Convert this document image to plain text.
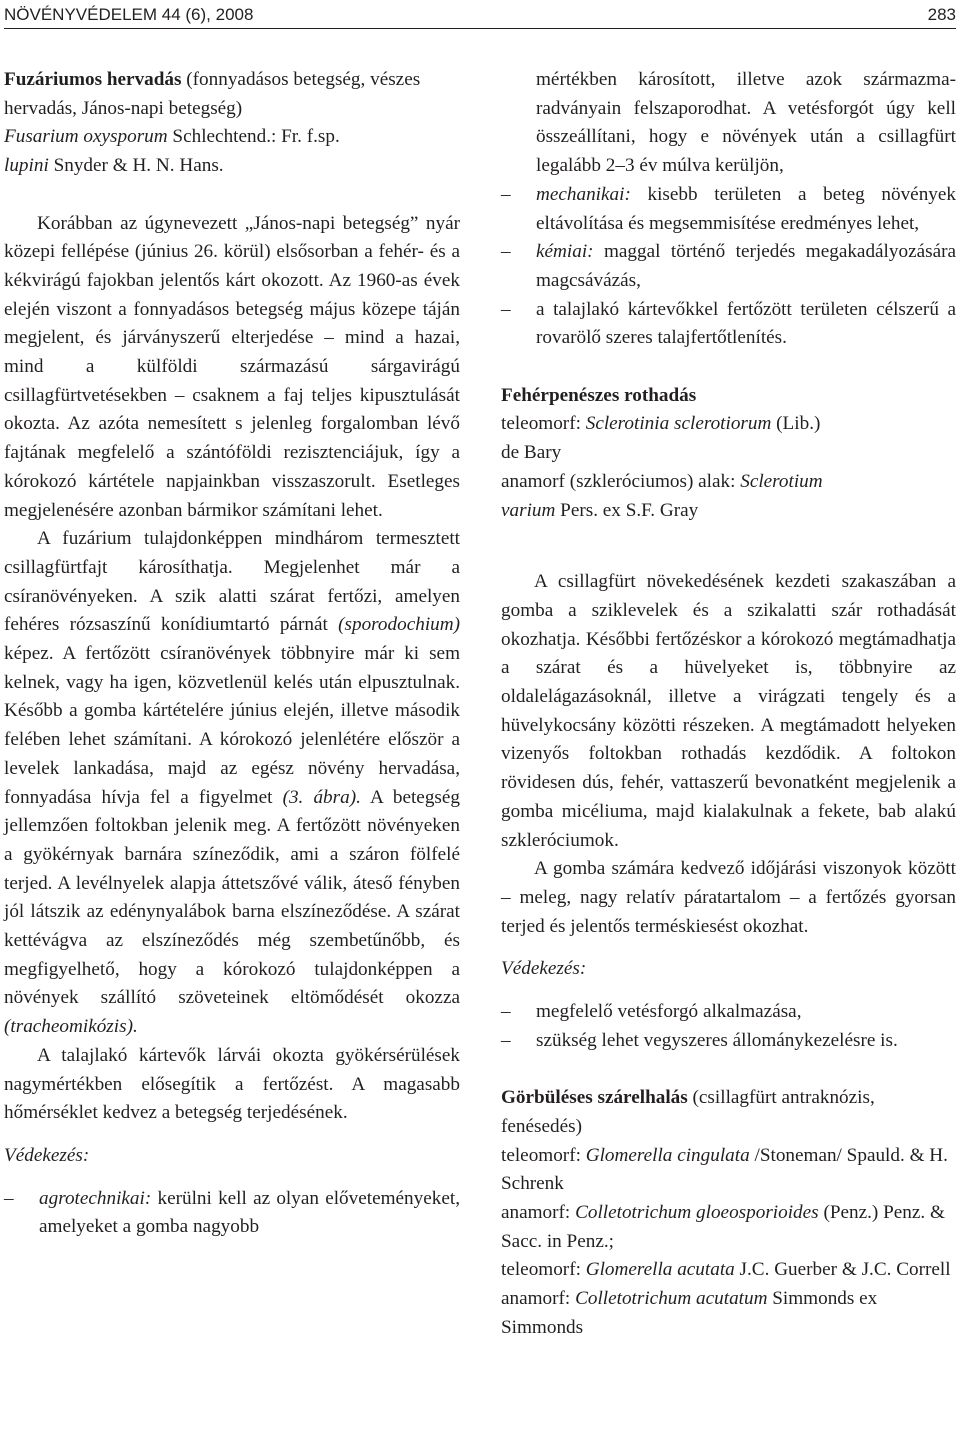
NÖVÉNYVÉDELEM 44 (6), 2008	283

Fuzáriumos hervadás (fonnyadásos betegség, vészes hervadás, János-napi betegség)
Fusarium oxysporum Schlechtend.: Fr. f.sp.
lupini Snyder & H. N. Hans.

Korábban az úgynevezett „János-napi betegség” nyár közepi fellépése (június 26. körül) elsősorban a fehér- és a kékvirágú fajokban jelentős kárt okozott. Az 1960-as évek elején viszont a fonnyadásos betegség május közepe táján megjelent, és járványszerű elterjedése – mind a hazai, mind a külföldi származású sárgavirágú csillagfürtvetésekben – csaknem a faj teljes kipusztulását okozta. Az azóta nemesített s jelenleg forgalomban lévő fajtának megfelelő a szántóföldi rezisztenciájuk, így a kórokozó kártétele napjainkban visszaszorult. Esetleges megjelenésére azonban bármikor számítani lehet.

A fuzárium tulajdonképpen mindhárom termesztett csillagfürtfajt károsíthatja. Megjelenhet már a csíranövényeken. A szik alatti szárat fertőzi, amelyen fehéres rózsaszínű konídiumtartó párnát (sporodochium) képez. A fertőzött csíranövények többnyire már ki sem kelnek, vagy ha igen, közvetlenül kelés után elpusztulnak. Később a gomba kártételére június elején, illetve második felében lehet számítani. A kórokozó jelenlétére először a levelek lankadása, majd az egész növény hervadása, fonnyadása hívja fel a figyelmet (3. ábra). A betegség jellemzően foltokban jelenik meg. A fertőzött növényeken a gyökérnyak barnára színeződik, ami a száron fölfelé terjed. A levélnyelek alapja áttetszővé válik, áteső fényben jól látszik az edénynyalábok barna elszíneződése. A szárat kettévágva az elszíneződés még szembetűnőbb, és megfigyelhető, hogy a kórokozó tulajdonképpen a növények szállító szöveteinek eltömődését okozza (tracheomikózis).

A talajlakó kártevők lárvái okozta gyökérsérülések nagymértékben elősegítik a fertőzést. A magasabb hőmérséklet kedvez a betegség terjedésének.

Védekezés:

– agrotechnikai: kerülni kell az olyan előveteményeket, amelyeket a gomba nagyobb

mértékben károsított, illetve azok származmaradványain felszaporodhat. A vetésforgót úgy kell összeállítani, hogy e növények után a csillagfürt legalább 2–3 év múlva kerüljön,

– mechanikai: kisebb területen a beteg növények eltávolítása és megsemmisítése eredményes lehet,
– kémiai: maggal történő terjedés megakadályozására magcsávázás,
– a talajlakó kártevőkkel fertőzött területen célszerű a rovarölő szeres talajfertőtlenítés.

Fehérpenészes rothadás

teleomorf: Sclerotinia sclerotiorum (Lib.)
de Bary
anamorf (szkleróciumos) alak: Sclerotium
varium Pers. ex S.F. Gray

A csillagfürt növekedésének kezdeti szakaszában a gomba a sziklevelek és a szikalatti szár rothadását okozhatja. Későbbi fertőzéskor a kórokozó megtámadhatja a szárat és a hüvelyeket is, többnyire az oldalelágazásoknál, illetve a virágzati tengely és a hüvelykocsány közötti részeken. A megtámadott helyeken vizenyős foltokban rothadás kezdődik. A foltokon rövidesen dús, fehér, vattaszerű bevonatként megjelenik a gomba micéliuma, majd kialakulnak a fekete, bab alakú szkleróciumok.

A gomba számára kedvező időjárási viszonyok között – meleg, nagy relatív páratartalom – a fertőzés gyorsan terjed és jelentős terméskiesést okozhat.

Védekezés:

– megfelelő vetésforgó alkalmazása,
– szükség lehet vegyszeres állománykezelésre is.

Görbüléses szárelhalás (csillagfürt antraknózis, fenésedés)

teleomorf: Glomerella cingulata /Stoneman/ Spauld. & H. Schrenk
anamorf: Colletotrichum gloeosporioides (Penz.) Penz. & Sacc. in Penz.;
teleomorf: Glomerella acutata J.C. Guerber & J.C. Correll
anamorf: Colletotrichum acutatum Simmonds ex Simmonds
